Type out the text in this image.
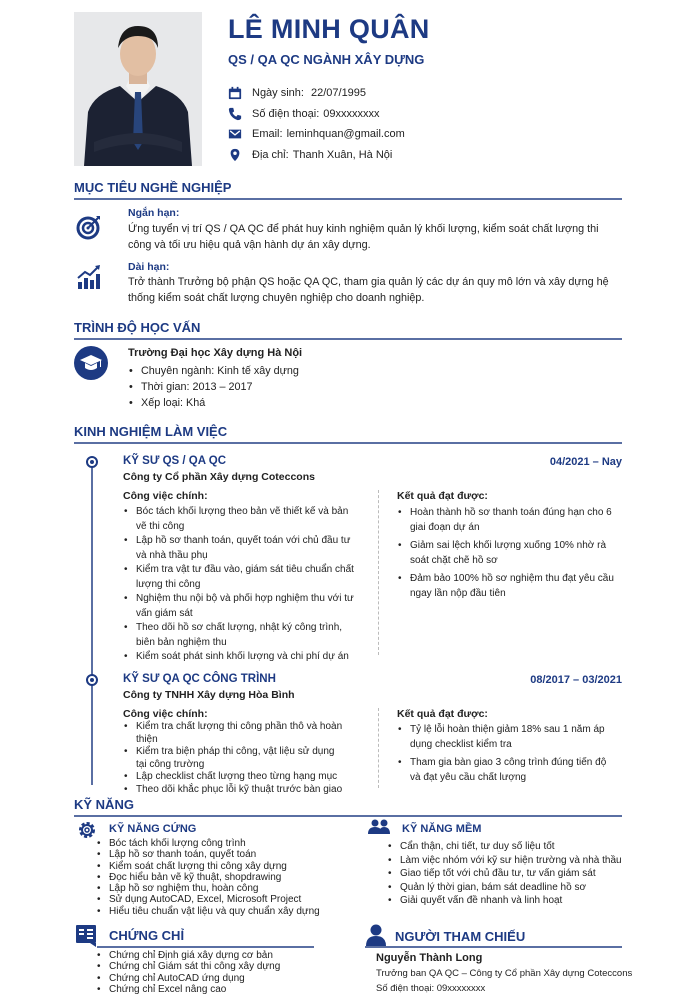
LÊ MINH QUÂN
QS / QA QC NGÀNH XÂY DỰNG
Ngày sinh: 22/07/1995
Số điện thoại: 09xxxxxxxx
Email: leminhquan@gmail.com
Địa chỉ: Thanh Xuân, Hà Nội
MỤC TIÊU NGHỀ NGHIỆP
Ngắn hạn:
Ứng tuyển vị trí QS / QA QC để phát huy kinh nghiệm quản lý khối lượng, kiểm soát chất lượng thi công và tối ưu hiệu quả vận hành dự án xây dựng.
Dài hạn:
Trở thành Trưởng bộ phận QS hoặc QA QC, tham gia quản lý các dự án quy mô lớn và xây dựng hệ thống kiểm soát chất lượng chuyên nghiệp cho doanh nghiệp.
TRÌNH ĐỘ HỌC VẤN
Trường Đại học Xây dựng Hà Nội
• Chuyên ngành: Kinh tế xây dựng
• Thời gian: 2013 – 2017
• Xếp loại: Khá
KINH NGHIỆM LÀM VIỆC
KỸ SƯ QS / QA QC	04/2021 – Nay
Công ty Cổ phần Xây dựng Coteccons
Công việc chính:
• Bóc tách khối lượng theo bản vẽ thiết kế và bản vẽ thi công
• Lập hồ sơ thanh toán, quyết toán với chủ đầu tư và nhà thầu phụ
• Kiểm tra vật tư đầu vào, giám sát tiêu chuẩn chất lượng thi công
• Nghiệm thu nội bộ và phối hợp nghiệm thu với tư vấn giám sát
• Theo dõi hồ sơ chất lượng, nhật ký công trình, biên bản nghiệm thu
• Kiểm soát phát sinh khối lượng và chi phí dự án
Kết quả đạt được:
• Hoàn thành hồ sơ thanh toán đúng hạn cho 6 giai đoạn dự án
• Giảm sai lệch khối lượng xuống 10% nhờ rà soát chặt chẽ hồ sơ
• Đảm bảo 100% hồ sơ nghiệm thu đạt yêu cầu ngay lần nộp đầu tiên
KỸ SƯ QA QC CÔNG TRÌNH	08/2017 – 03/2021
Công ty TNHH Xây dựng Hòa Bình
Công việc chính:
• Kiểm tra chất lượng thi công phần thô và hoàn thiện
• Kiểm tra biện pháp thi công, vật liệu sử dụng tại công trường
• Lập checklist chất lượng theo từng hạng mục
• Theo dõi khắc phục lỗi kỹ thuật trước bàn giao
Kết quả đạt được:
• Tỷ lệ lỗi hoàn thiện giảm 18% sau 1 năm áp dụng checklist kiểm tra
• Tham gia bàn giao 3 công trình đúng tiến độ và đạt yêu cầu chất lượng
KỸ NĂNG
KỸ NĂNG CỨNG
• Bóc tách khối lượng công trình
• Lập hồ sơ thanh toán, quyết toán
• Kiểm soát chất lượng thi công xây dựng
• Đọc hiểu bản vẽ kỹ thuật, shopdrawing
• Lập hồ sơ nghiệm thu, hoàn công
• Sử dụng AutoCAD, Excel, Microsoft Project
• Hiểu tiêu chuẩn vật liệu và quy chuẩn xây dựng
KỸ NĂNG MỀM
• Cẩn thận, chi tiết, tư duy số liệu tốt
• Làm việc nhóm với kỹ sư hiện trường và nhà thầu
• Giao tiếp tốt với chủ đầu tư, tư vấn giám sát
• Quản lý thời gian, bám sát deadline hồ sơ
• Giải quyết vấn đề nhanh và linh hoạt
CHỨNG CHỈ
• Chứng chỉ Định giá xây dựng cơ bản
• Chứng chỉ Giám sát thi công xây dựng
• Chứng chỉ AutoCAD ứng dụng
• Chứng chỉ Excel nâng cao
NGƯỜI THAM CHIẾU
Nguyễn Thành Long
Trưởng ban QA QC – Công ty Cổ phần Xây dựng Coteccons
Số điện thoại: 09xxxxxxxx
